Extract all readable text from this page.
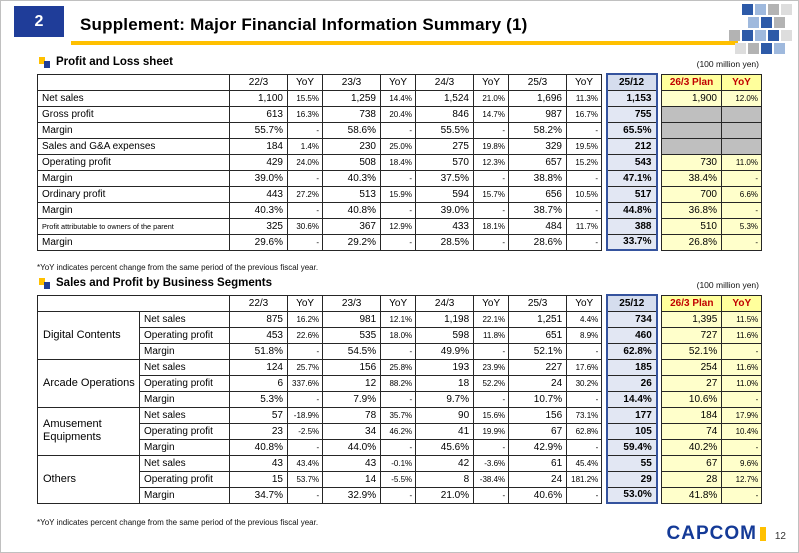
2 Supplement: Major Financial Information Summary (1)
Profit and Loss sheet	(100 million yen)
	22/3	YoY	23/3	YoY	24/3	YoY	25/3	YoY		25/12		26/3 Plan	YoY
Net sales	1,100	15.5%	1,259	14.4%	1,524	21.0%	1,696	11.3%		1,153		1,900	12.0%
Gross profit	613	16.3%	738	20.4%	846	14.7%	987	16.7%		755			
Margin	55.7%	-	58.6%	-	55.5%	-	58.2%	-		65.5%			
Sales and G&A expenses	184	1.4%	230	25.0%	275	19.8%	329	19.5%		212			
Operating profit	429	24.0%	508	18.4%	570	12.3%	657	15.2%		543		730	11.0%
Margin	39.0%	-	40.3%	-	37.5%	-	38.8%	-		47.1%		38.4%	-
Ordinary profit	443	27.2%	513	15.9%	594	15.7%	656	10.5%		517		700	6.6%
Margin	40.3%	-	40.8%	-	39.0%	-	38.7%	-		44.8%		36.8%	-
Profit attributable to owners of the parent	325	30.6%	367	12.9%	433	18.1%	484	11.7%		388		510	5.3%
Margin	29.6%	-	29.2%	-	28.5%	-	28.6%	-		33.7%		26.8%	-
*YoY indicates percent change from the same period of the previous fiscal year.
Sales and Profit by Business Segments	(100 million yen)
		22/3	YoY	23/3	YoY	24/3	YoY	25/3	YoY		25/12		26/3 Plan	YoY
Digital Contents	Net sales	875	16.2%	981	12.1%	1,198	22.1%	1,251	4.4%		734		1,395	11.5%
	Operating profit	453	22.6%	535	18.0%	598	11.8%	651	8.9%		460		727	11.6%
	Margin	51.8%	-	54.5%	-	49.9%	-	52.1%	-		62.8%		52.1%	-
Arcade Operations	Net sales	124	25.7%	156	25.8%	193	23.9%	227	17.6%		185		254	11.6%
	Operating profit	6	337.6%	12	88.2%	18	52.2%	24	30.2%		26		27	11.0%
	Margin	5.3%	-	7.9%	-	9.7%	-	10.7%	-		14.4%		10.6%	-
Amusement Equipments	Net sales	57	-18.9%	78	35.7%	90	15.6%	156	73.1%		177		184	17.9%
	Operating profit	23	-2.5%	34	46.2%	41	19.9%	67	62.8%		105		74	10.4%
	Margin	40.8%	-	44.0%	-	45.6%	-	42.9%	-		59.4%		40.2%	-
Others	Net sales	43	43.4%	43	-0.1%	42	-3.6%	61	45.4%		55		67	9.6%
	Operating profit	15	53.7%	14	-5.5%	8	-38.4%	24	181.2%		29		28	12.7%
	Margin	34.7%	-	32.9%	-	21.0%	-	40.6%	-		53.0%		41.8%	-
*YoY indicates percent change from the same period of the previous fiscal year.
CAPCOM 12
